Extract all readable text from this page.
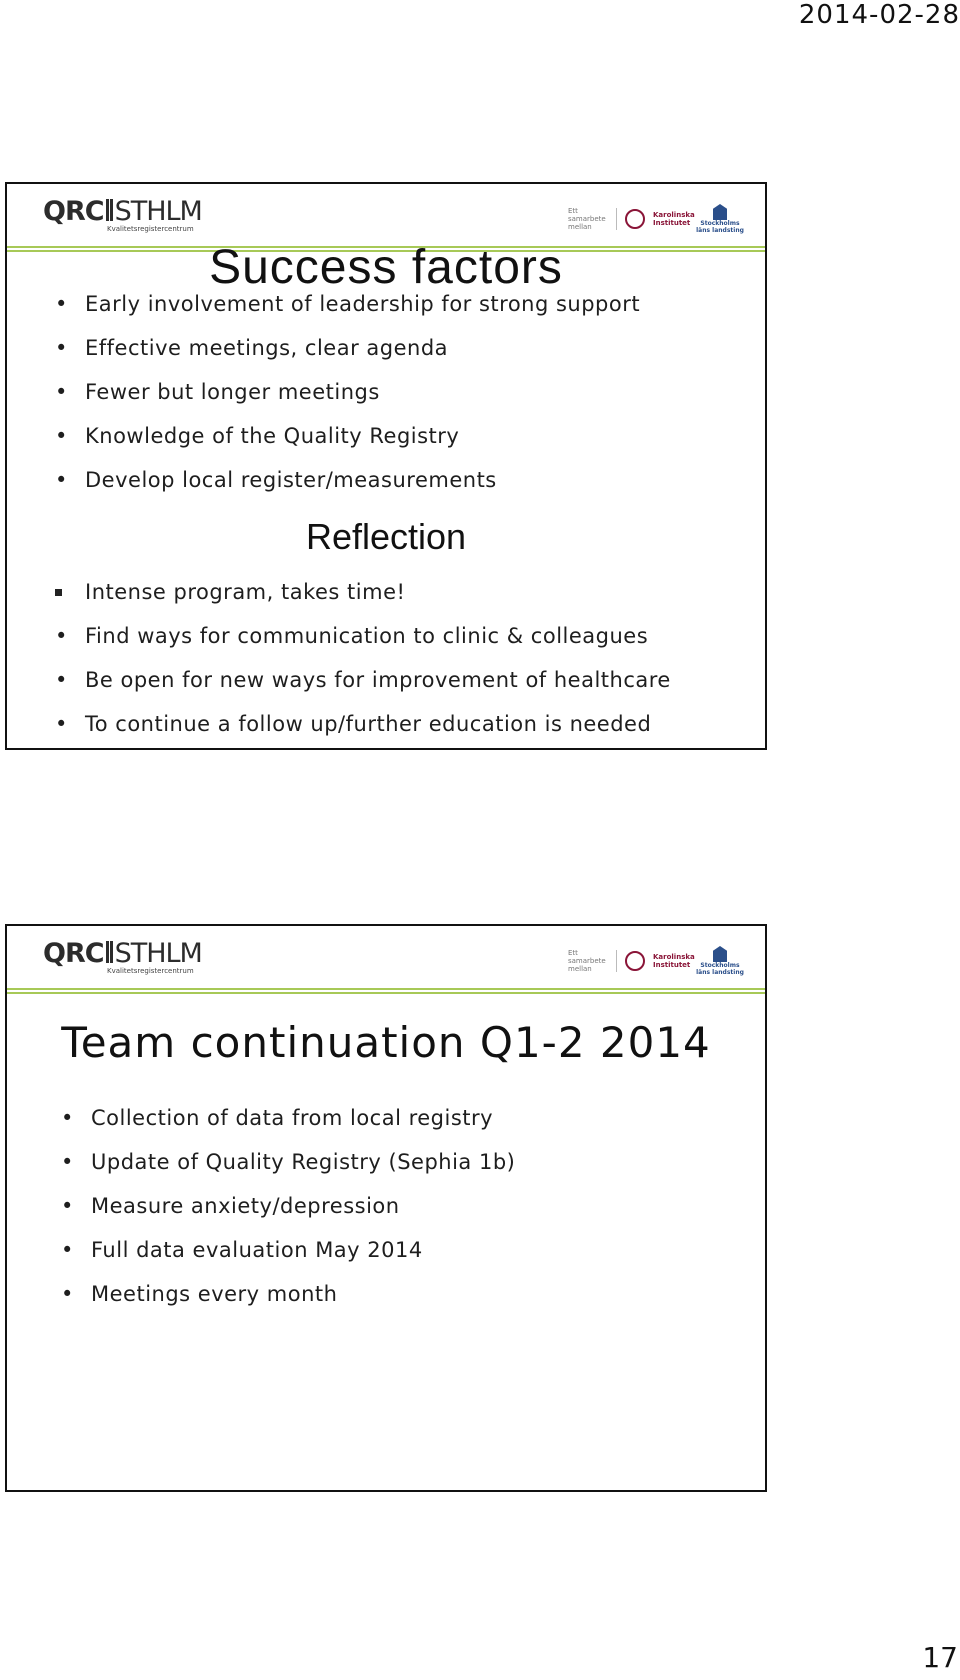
2014-02-28
QRC STHLM
Kvalitetsregistercentrum
Ett samarbete mellan
Karolinska Institutet	Stockholms läns landsting
Success factors
• Early involvement of leadership for strong support
• Effective meetings, clear agenda
• Fewer but longer meetings
• Knowledge of the Quality Registry
• Develop local register/measurements
Reflection
Intense program, takes time!
• Find ways for communication to clinic & colleagues
• Be open for new ways for improvement of healthcare
• To continue a follow up/further education is needed
QRC STHLM
Kvalitetsregistercentrum
Ett samarbete mellan
Karolinska Institutet	Stockholms läns landsting
Team continuation Q1-2 2014
• Collection of data from local registry
• Update of Quality Registry (Sephia 1b)
• Measure anxiety/depression
• Full data evaluation May 2014
• Meetings every month
17
